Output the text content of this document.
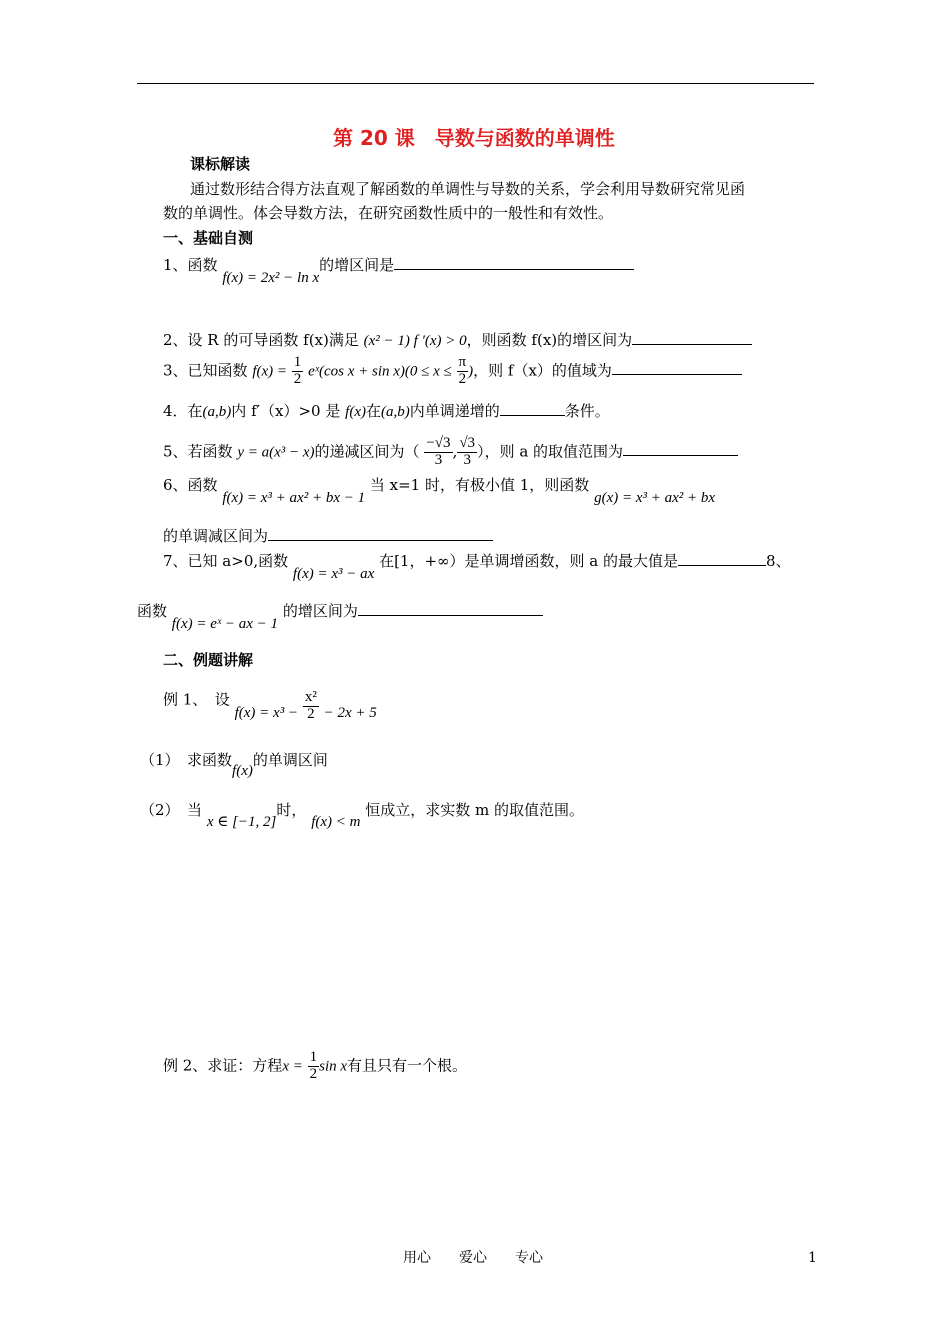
第 20 课　导数与函数的单调性
课标解读
通过数形结合得方法直观了解函数的单调性与导数的关系，学会利用导数研究常见函
数的单调性。体会导数方法，在研究函数性质中的一般性和有效性。
一、基础自测
1、函数 f(x) = 2x² − ln x的增区间是
2、设 R 的可导函数 f(x)满足 (x² − 1) f ′(x) > 0，则函数 f(x)的增区间为
3、已知函数 $f(x) = \frac{1}{2}$ eˣ(cos $x + \sin x)(0 \le x \le \frac{\pi}{2}$ )，则 f（x）的值域为
4．在(a,b)内 f′（x）>0 是 f(x)在(a,b)内单调递增的	条件。
5、若函数 y = a(x³ − x)的递减区间为（ $\frac{-√3}{3}$ , $\frac{√3}{3}$ ），则 a 的取值范围为
6、函数 f(x) = x³ + ax² + bx − 1 当 x=1 时，有极小值 1，则函数 g(x) = x³ + ax² + bx
的单调减区间为
7、已知 a>0,函数 f(x) = x³ − ax 在[1，+∞）是单调增函数，则 a 的最大值是	8、
函数 f(x) = eˣ − ax − 1 的增区间为
二、例题讲解
例 1、　设 $f(x) = x^3 - \frac{\text{x²}}{2} - 2x + 5$
（1）　求函数f(x)的单调区间
（2）　当 x ∈ [−1, 2]时， f(x) < m 恒成立，求实数 m 的取值范围。
例 2、求证：方程$x = \frac{1}{2}$ sin x有且只有一个根。
用心　　爱心　　专心	1
